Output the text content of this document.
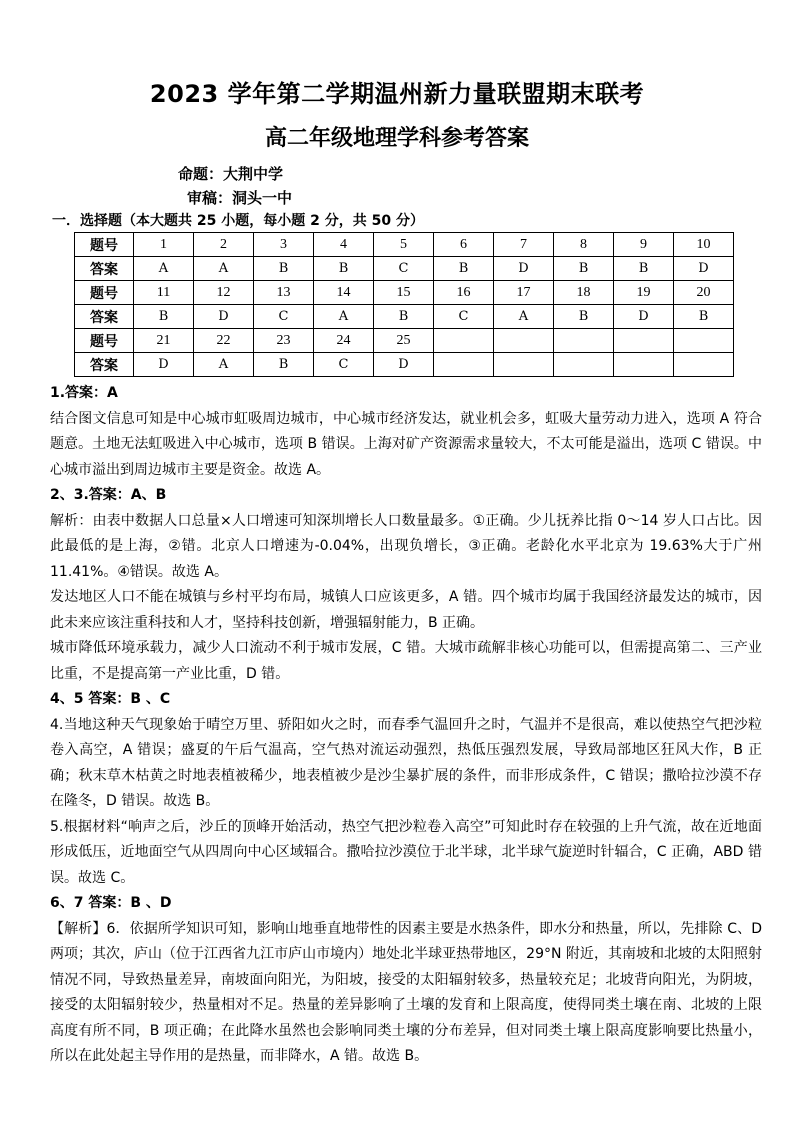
2023 学年第二学期温州新力量联盟期末联考
高二年级地理学科参考答案
命题：大荆中学
审稿：洞头一中
一．选择题（本大题共 25 小题，每小题 2 分，共 50 分）
题号	1	2	3	4	5	6	7	8	9	10
答案	A	A	B	B	C	B	D	B	B	D
题号	11	12	13	14	15	16	17	18	19	20
答案	B	D	C	A	B	C	A	B	D	B
题号	21	22	23	24	25					
答案	D	A	B	C	D					

1.答案：A

结合图文信息可知是中心城市虹吸周边城市，中心城市经济发达，就业机会多，虹吸大量劳动力进入，选项 A 符合题意。土地无法虹吸进入中心城市，选项 B 错误。上海对矿产资源需求量较大，不太可能是溢出，选项 C 错误。中心城市溢出到周边城市主要是资金。故选 A。

2、3.答案：A、B

解析：由表中数据人口总量×人口增速可知深圳增长人口数量最多。①正确。少儿抚养比指 0～14 岁人口占比。因此最低的是上海，②错。北京人口增速为-0.04%，出现负增长，③正确。老龄化水平北京为 19.63%大于广州 11.41%。④错误。故选 A。

发达地区人口不能在城镇与乡村平均布局，城镇人口应该更多，A 错。四个城市均属于我国经济最发达的城市，因此未来应该注重科技和人才，坚持科技创新，增强辐射能力，B 正确。

城市降低环境承载力，减少人口流动不利于城市发展，C 错。大城市疏解非核心功能可以，但需提高第二、三产业比重，不是提高第一产业比重，D 错。

4、5 答案：B 、C

4.当地这种天气现象始于晴空万里、骄阳如火之时，而春季气温回升之时，气温并不是很高，难以使热空气把沙粒卷入高空，A 错误；盛夏的午后气温高，空气热对流运动强烈，热低压强烈发展，导致局部地区狂风大作，B 正确；秋末草木枯黄之时地表植被稀少，地表植被少是沙尘暴扩展的条件，而非形成条件，C 错误；撒哈拉沙漠不存在隆冬，D 错误。故选 B。

5.根据材料“响声之后，沙丘的顶峰开始活动，热空气把沙粒卷入高空”可知此时存在较强的上升气流，故在近地面形成低压，近地面空气从四周向中心区域辐合。撒哈拉沙漠位于北半球，北半球气旋逆时针辐合，C 正确，ABD 错误。故选 C。

6、7 答案：B 、D

【解析】6．依据所学知识可知，影响山地垂直地带性的因素主要是水热条件，即水分和热量，所以，先排除 C、D 两项；其次，庐山（位于江西省九江市庐山市境内）地处北半球亚热带地区，29°N 附近，其南坡和北坡的太阳照射情况不同，导致热量差异，南坡面向阳光，为阳坡，接受的太阳辐射较多，热量较充足；北坡背向阳光，为阴坡，接受的太阳辐射较少，热量相对不足。热量的差异影响了土壤的发育和上限高度，使得同类土壤在南、北坡的上限高度有所不同，B 项正确；在此降水虽然也会影响同类土壤的分布差异，但对同类土壤上限高度影响要比热量小，所以在此处起主导作用的是热量，而非降水，A 错。故选 B。
